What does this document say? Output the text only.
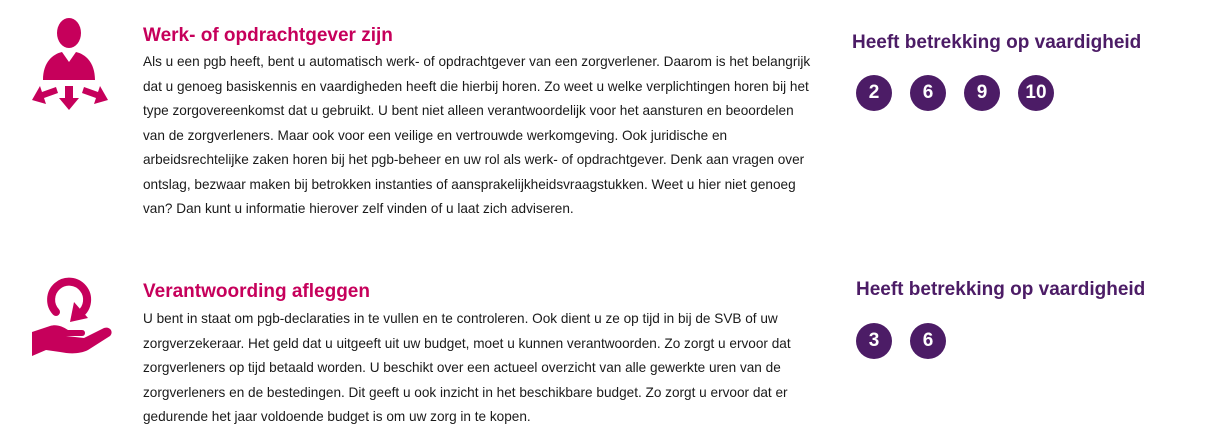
Werk- of opdrachtgever zijn

Als u een pgb heeft, bent u automatisch werk- of opdrachtgever van een zorgverlener. Daarom is het belangrijk dat u genoeg basiskennis en vaardigheden heeft die hierbij horen. Zo weet u welke verplichtingen horen bij het type zorgovereenkomst dat u gebruikt. U bent niet alleen verantwoordelijk voor het aansturen en beoordelen van de zorgverleners. Maar ook voor een veilige en vertrouwde werkomgeving. Ook juridische en arbeidsrechtelijke zaken horen bij het pgb-beheer en uw rol als werk- of opdrachtgever. Denk aan vragen over ontslag, bezwaar maken bij betrokken instanties of aansprakelijkheidsvraagstukken. Weet u hier niet genoeg van? Dan kunt u informatie hierover zelf vinden of u laat zich adviseren.

Heeft betrekking op vaardigheid
2	6	9	10
Verantwoording afleggen

U bent in staat om pgb-declaraties in te vullen en te controleren. Ook dient u ze op tijd in bij de SVB of uw zorgverzekeraar. Het geld dat u uitgeeft uit uw budget, moet u kunnen verantwoorden. Zo zorgt u ervoor dat zorgverleners op tijd betaald worden. U beschikt over een actueel overzicht van alle gewerkte uren van de zorgverleners en de bestedingen. Dit geeft u ook inzicht in het beschikbare budget. Zo zorgt u ervoor dat er gedurende het jaar voldoende budget is om uw zorg in te kopen.

Heeft betrekking op vaardigheid
3	6
